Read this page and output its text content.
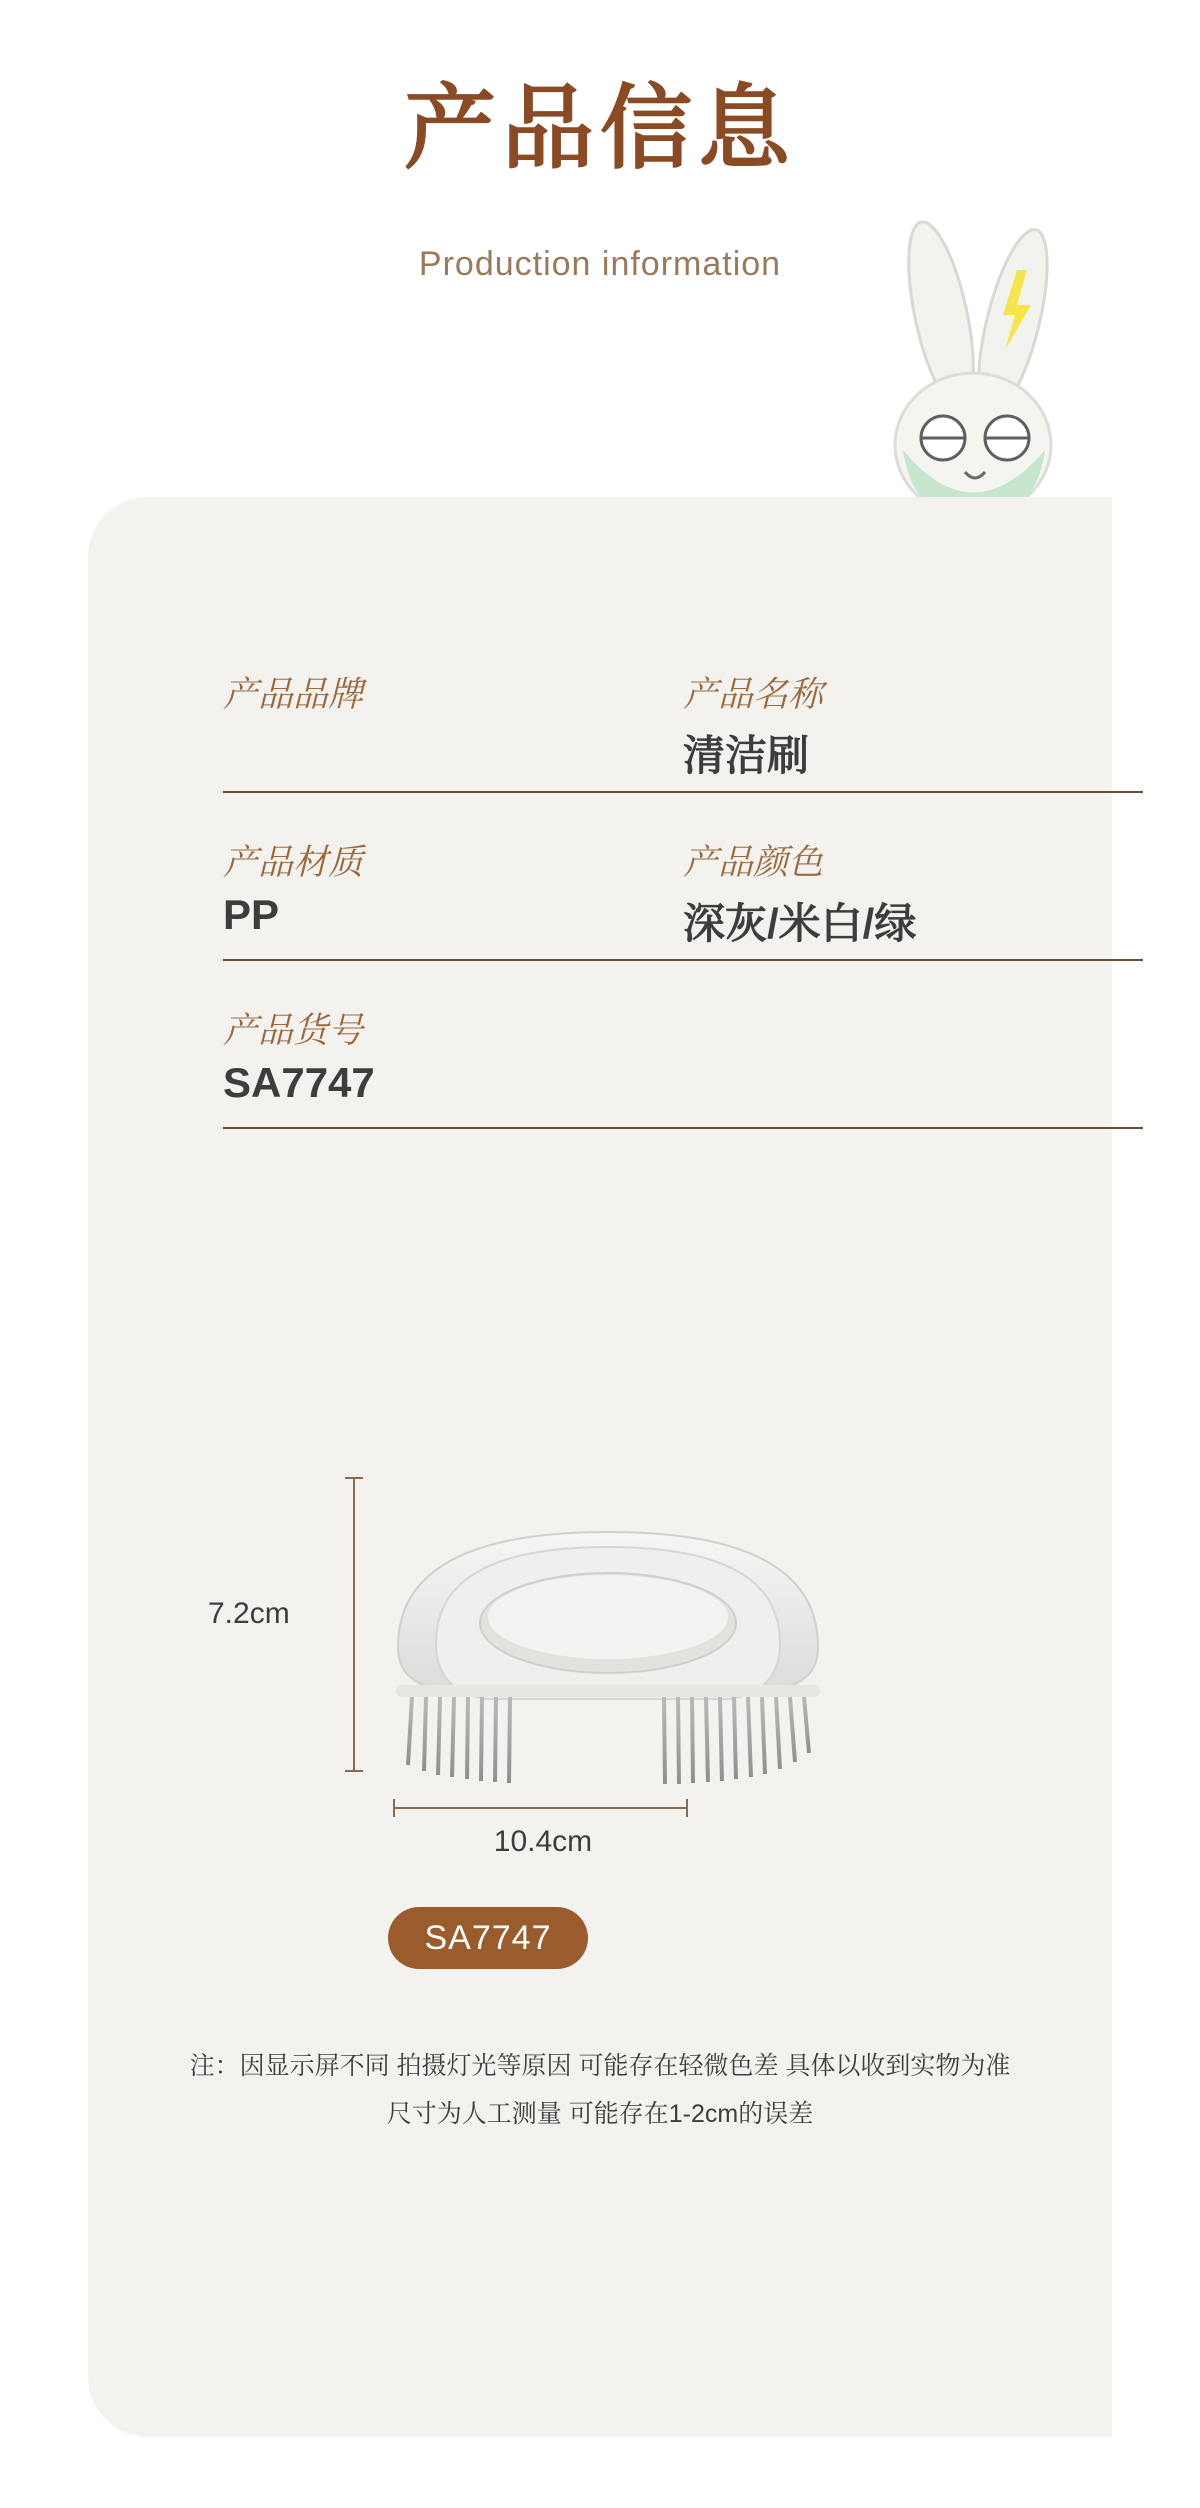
产品信息
Production information
产品品牌	产品名称
清洁刷
产品材质
PP
产品颜色
深灰/米白/绿
产品货号
SA7747
7.2cm
10.4cm
SA7747
注：因显示屏不同 拍摄灯光等原因 可能存在轻微色差 具体以收到实物为准
尺寸为人工测量 可能存在1-2cm的误差
